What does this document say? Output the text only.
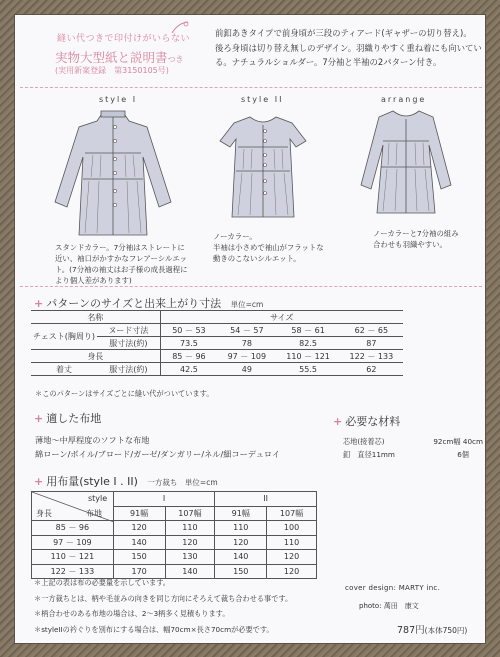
縫い代つきで印付けがいらない
実物大型紙と説明書つき
(実用新案登録　第3150105号)
前釦あきタイプで前身頃が三段のティアード(ギャザーの切り替え)。
後ろ身頃は切り替え無しのデザイン。羽織りやすく重ね着にも向いてい
る。ナチュラルショルダー。7分袖と半袖の2パターン付き。
style I	style II	arrange
スタンドカラー。7分袖はストレートに
近い、袖口がかすかなフレアーシルエッ
ト。(7分袖の袖丈はお子様の成長過程に
より個人差があります)
ノーカラー。
半袖は小さめで袖山がフラットな
動きのこないシルエット。
ノーカラーと7分袖の組み
合わせも羽織やすい。
+ パターンのサイズと出来上がり寸法 単位=cm
名称		サイズ			
チェスト(胸周り)	ヌード寸法	50 － 53	54 － 57	58 － 61	62 － 65
	服寸法(約)	73.5	78	82.5	87
身長		85 － 96	97 － 109	110 － 121	122 － 133
着丈	服寸法(約)	42.5	49	55.5	62
＊このパターンはサイズごとに縫い代がついています。
+ 適した布地
薄地～中厚程度のソフトな布地
綿ローン/ボイル/ブロード/ガーゼ/ダンガリー/ネル/細コーデュロイ
+ 必要な材料
芯地(接着芯)	92cm幅 40cm
釦　直径11mm	6個
+ 用布量(style I . II) 一方裁ち　単位=cm
style
身長 布地	I		II	
	91幅	107幅	91幅	107幅
85 － 96	120	110	110	100
97 － 109	140	120	120	110
110 － 121	150	130	140	120
122 － 133	170	140	150	120
＊上記の表は布の必要量を示しています。
＊一方裁ちとは、柄や毛並みの向きを同じ方向にそろえて裁ち合わせる事です。
＊柄合わせのある布地の場合は、2～3柄多く見積もります。
＊styleIIの衿ぐりを別布にする場合は、幅70cm×長さ70cmが必要です。
cover design: MARTY inc.
photo: 萬田　康文
787円(本体750円)
